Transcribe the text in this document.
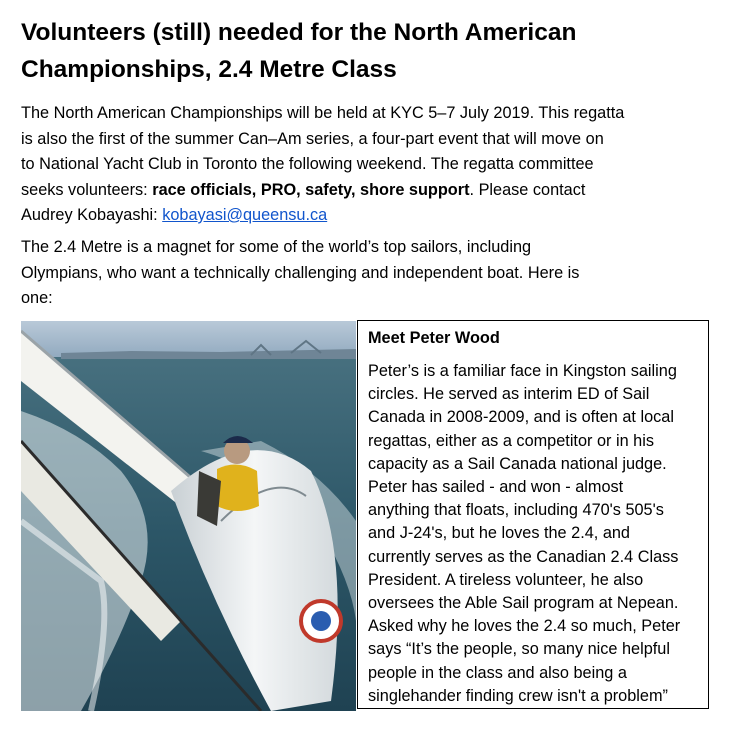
Volunteers (still) needed for the North American
Championships, 2.4 Metre Class

The North American Championships will be held at KYC 5–7 July 2019. This regatta
is also the first of the summer Can–Am series, a four-part event that will move on
to National Yacht Club in Toronto the following weekend. The regatta committee
seeks volunteers: race officials, PRO, safety, shore support. Please contact
Audrey Kobayashi: kobayasi@queensu.ca

The 2.4 Metre is a magnet for some of the world’s top sailors, including
Olympians, who want a technically challenging and independent boat. Here is
one:

Meet Peter Wood

Peter’s is a familiar face in Kingston sailing
circles. He served as interim ED of Sail
Canada in 2008-2009, and is often at local
regattas, either as a competitor or in his
capacity as a Sail Canada national judge.
Peter has sailed - and won - almost
anything that floats, including 470's 505's
and J-24's, but he loves the 2.4, and
currently serves as the Canadian 2.4 Class
President. A tireless volunteer, he also
oversees the Able Sail program at Nepean.
Asked why he loves the 2.4 so much, Peter
says “It’s the people, so many nice helpful
people in the class and also being a
singlehander finding crew isn't a problem”
